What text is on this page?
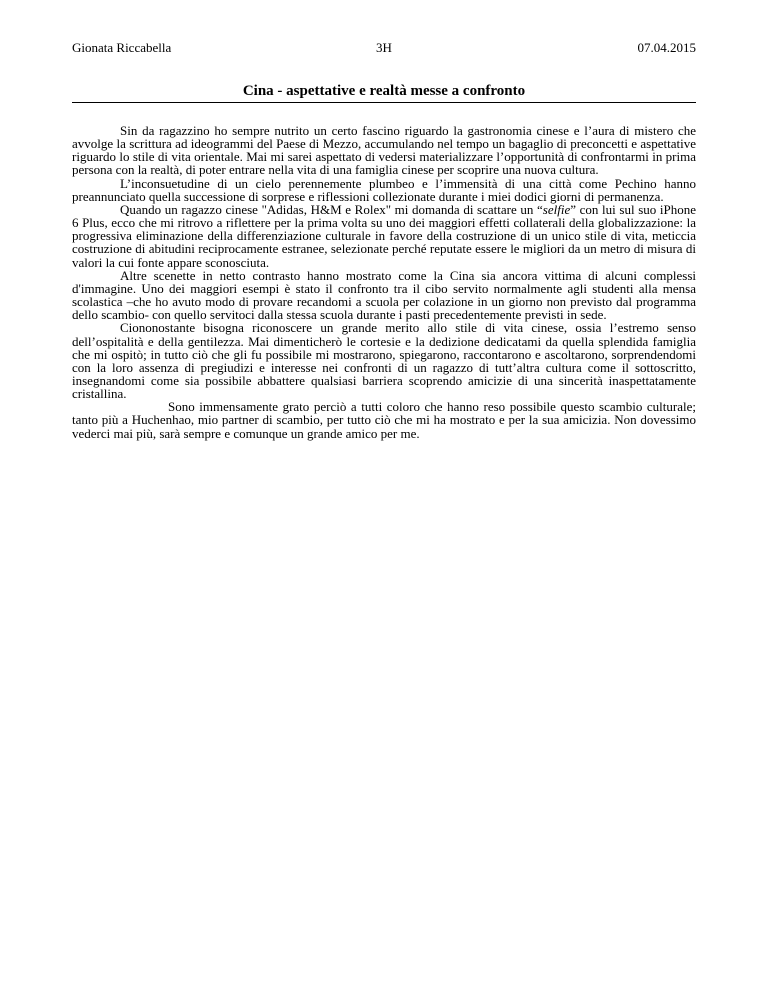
Gionata Riccabella	3H	07.04.2015
Cina - aspettative e realtà messe a confronto

Sin da ragazzino ho sempre nutrito un certo fascino riguardo la gastronomia cinese e l’aura di mistero che avvolge la scrittura ad ideogrammi del Paese di Mezzo, accumulando nel tempo un bagaglio di preconcetti e aspettative riguardo lo stile di vita orientale. Mai mi sarei aspettato di vedersi materializzare l’opportunità di confrontarmi in prima persona con la realtà, di poter entrare nella vita di una famiglia cinese per scoprire una nuova cultura.

L’inconsuetudine di un cielo perennemente plumbeo e l’immensità di una città come Pechino hanno preannunciato quella successione di sorprese e riflessioni collezionate durante i miei dodici giorni di permanenza.

Quando un ragazzo cinese "Adidas, H&M e Rolex" mi domanda di scattare un “selfie” con lui sul suo iPhone 6 Plus, ecco che mi ritrovo a riflettere per la prima volta su uno dei maggiori effetti collaterali della globalizzazione: la progressiva eliminazione della differenziazione culturale in favore della costruzione di un unico stile di vita, meticcia costruzione di abitudini reciprocamente estranee, selezionate perché reputate essere le migliori da un metro di misura di valori la cui fonte appare sconosciuta.

Altre scenette in netto contrasto hanno mostrato come la Cina sia ancora vittima di alcuni complessi d'immagine. Uno dei maggiori esempi è stato il confronto tra il cibo servito normalmente agli studenti alla mensa scolastica –che ho avuto modo di provare recandomi a scuola per colazione in un giorno non previsto dal programma dello scambio- con quello servitoci dalla stessa scuola durante i pasti precedentemente previsti in sede.

Ciononostante bisogna riconoscere un grande merito allo stile di vita cinese, ossia l’estremo senso dell’ospitalità e della gentilezza. Mai dimenticherò le cortesie e la dedizione dedicatami da quella splendida famiglia che mi ospitò; in tutto ciò che gli fu possibile mi mostrarono, spiegarono, raccontarono e ascoltarono, sorprendendomi con la loro assenza di pregiudizi e interesse nei confronti di un ragazzo di tutt’altra cultura come il sottoscritto, insegnandomi come sia possibile abbattere qualsiasi barriera scoprendo amicizie di una sincerità inaspettatamente cristallina.

Sono immensamente grato perciò a tutti coloro che hanno reso possibile questo scambio culturale; tanto più a Huchenhao, mio partner di scambio, per tutto ciò che mi ha mostrato e per la sua amicizia. Non dovessimo vederci mai più, sarà sempre e comunque un grande amico per me.
